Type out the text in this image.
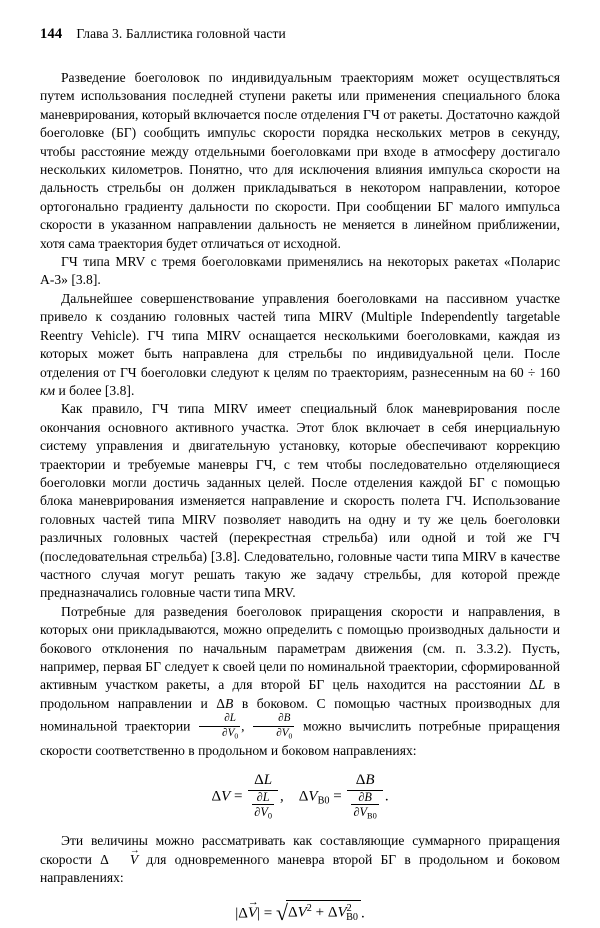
144 Глава 3. Баллистика головной части

Разведение боеголовок по индивидуальным траекториям может осуществляться путем использования последней ступени ракеты или применения специального блока маневрирования, который включается после отделения ГЧ от ракеты. Достаточно каждой боеголовке (БГ) сообщить импульс скорости порядка нескольких метров в секунду, чтобы расстояние между отдельными боеголовками при входе в атмосферу достигало нескольких километров. Понятно, что для исключения влияния импульса скорости на дальность стрельбы он должен прикладываться в некотором направлении, которое ортогонально градиенту дальности по скорости. При сообщении БГ малого импульса скорости в указанном направлении дальность не меняется в линейном приближении, хотя сама траектория будет отличаться от исходной.

ГЧ типа MRV с тремя боеголовками применялись на некоторых ракетах «Поларис А-3» [3.8].

Дальнейшее совершенствование управления боеголовками на пассивном участке привело к созданию головных частей типа MIRV (Multiple Independently targetable Reentry Vehicle). ГЧ типа MIRV оснащается несколькими боеголовками, каждая из которых может быть направлена для стрельбы по индивидуальной цели. После отделения от ГЧ боеголовки следуют к целям по траекториям, разнесенным на 60 ÷ 160 км и более [3.8].

Как правило, ГЧ типа MIRV имеет специальный блок маневрирования после окончания основного активного участка. Этот блок включает в себя инерциальную систему управления и двигательную установку, которые обеспечивают коррекцию траектории и требуемые маневры ГЧ, с тем чтобы последовательно отделяющиеся боеголовки могли достичь заданных целей. После отделения каждой БГ с помощью блока маневрирования изменяется направление и скорость полета ГЧ. Использование головных частей типа MIRV позволяет наводить на одну и ту же цель боеголовки различных головных частей (перекрестная стрельба) или одной и той же ГЧ (последовательная стрельба) [3.8]. Следовательно, головные части типа MIRV в качестве частного случая могут решать такую же задачу стрельбы, для которой прежде предназначались головные части типа MRV.

Потребные для разведения боеголовок приращения скорости и направления, в которых они прикладываются, можно определить с помощью производных дальности и бокового отклонения по начальным параметрам движения (см. п. 3.3.2). Пусть, например, первая БГ следует к своей цели по номинальной траектории, сформированной активным участком ракеты, а для второй БГ цель находится на расстоянии ΔL в продольном направлении и ΔB в боковом. С помощью частных производных для номинальной траектории $\frac{\partial L}{\partial V_0}$ , $\frac{\partial B}{\partial V_0}$ можно вычислить потребные приращения скорости соответственно в продольном и боковом направлениях:

$\Delta V = \frac{\Delta L}{\frac{\partial L}{\partial V_0}}$ ,    $\Delta V_{B0} = \frac{\Delta B}{\frac{\partial B}{\partial V_{B0}}}$ .

Эти величины можно рассматривать как составляющие суммарного приращения скорости Δ V → для одновременного маневра второй БГ в продольном и боковом направлениях:

|ΔV →| = $√\Delta V^2 + \Delta V^2_{B0}$ .
